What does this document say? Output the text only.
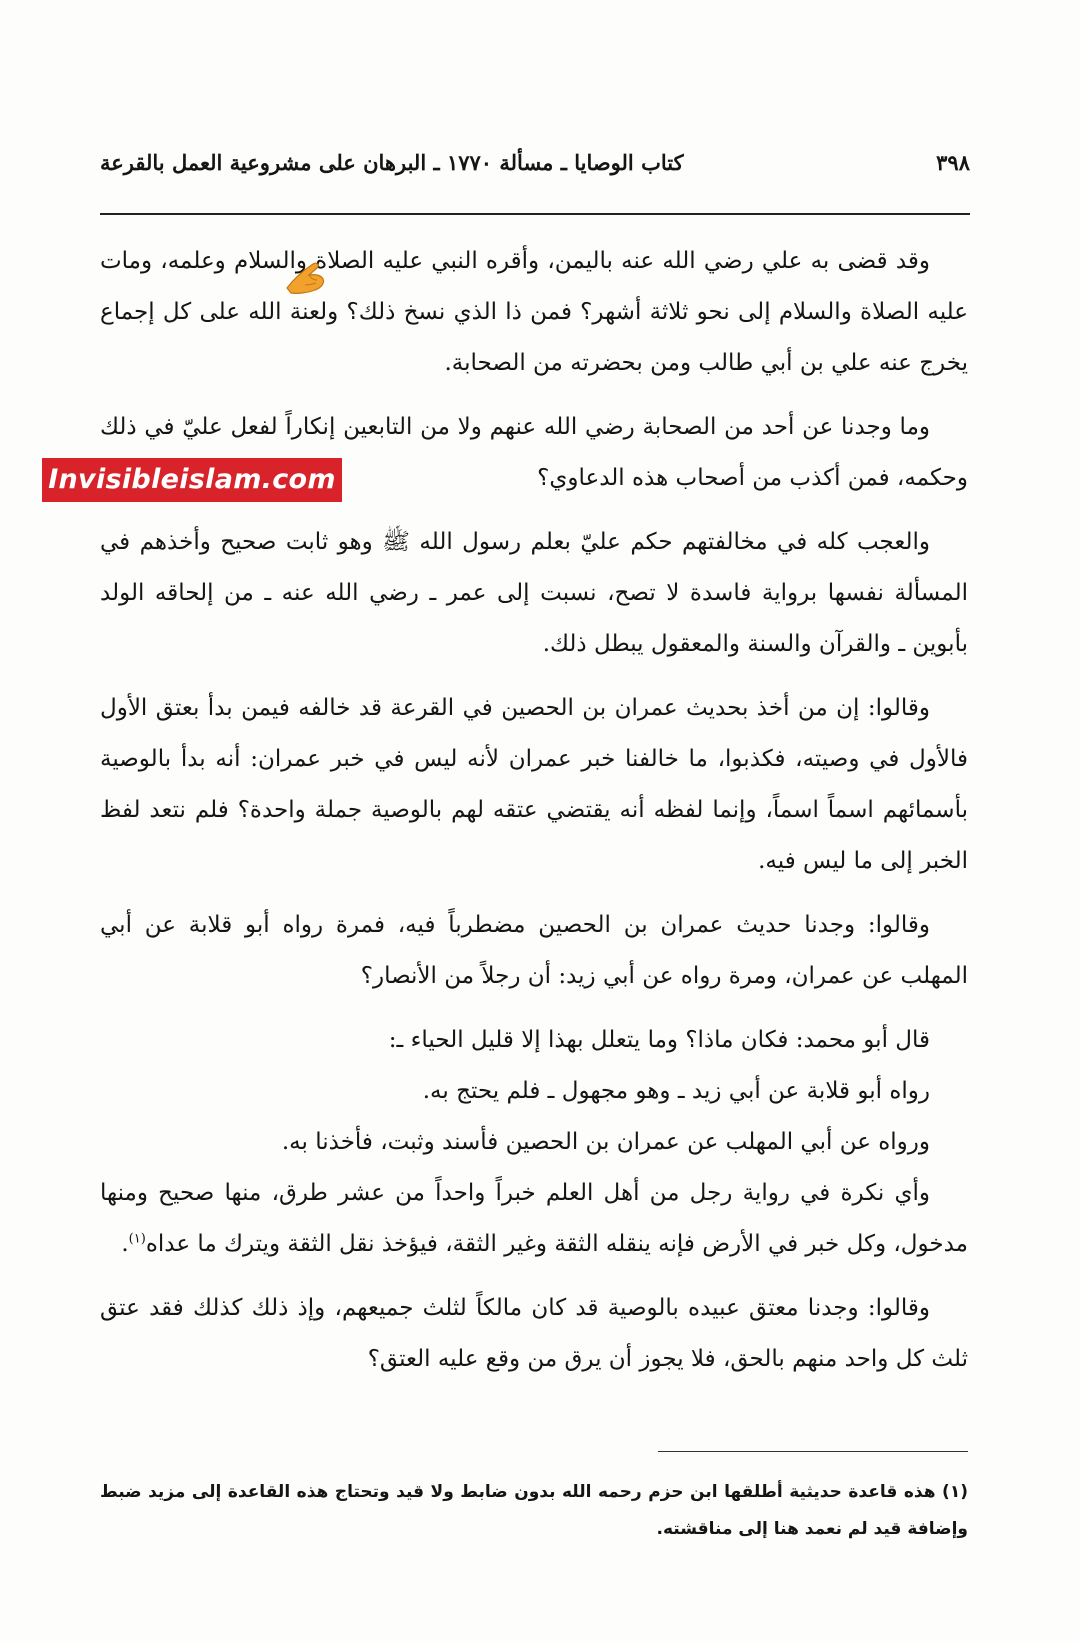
٣٩٨
كتاب الوصايا ـ مسألة ١٧٧٠ ـ البرهان على مشروعية العمل بالقرعة

وقد قضى به علي رضي الله عنه باليمن، وأقره النبي عليه الصلاة والسلام وعلمه، ومات عليه الصلاة والسلام إلى نحو ثلاثة أشهر؟ فمن ذا الذي نسخ ذلك؟ ولعنة الله على كل إجماع يخرج عنه علي بن أبي طالب ومن بحضرته من الصحابة.

وما وجدنا عن أحد من الصحابة رضي الله عنهم ولا من التابعين إنكاراً لفعل عليّ في ذلك وحكمه، فمن أكذب من أصحاب هذه الدعاوي؟

والعجب كله في مخالفتهم حكم عليّ بعلم رسول الله ﷺ وهو ثابت صحيح وأخذهم في المسألة نفسها برواية فاسدة لا تصح، نسبت إلى عمر ـ رضي الله عنه ـ من إلحاقه الولد بأبوين ـ والقرآن والسنة والمعقول يبطل ذلك.

وقالوا: إن من أخذ بحديث عمران بن الحصين في القرعة قد خالفه فيمن بدأ بعتق الأول فالأول في وصيته، فكذبوا، ما خالفنا خبر عمران لأنه ليس في خبر عمران: أنه بدأ بالوصية بأسمائهم اسماً اسماً، وإنما لفظه أنه يقتضي عتقه لهم بالوصية جملة واحدة؟ فلم نتعد لفظ الخبر إلى ما ليس فيه.

وقالوا: وجدنا حديث عمران بن الحصين مضطرباً فيه، فمرة رواه أبو قلابة عن أبي المهلب عن عمران، ومرة رواه عن أبي زيد: أن رجلاً من الأنصار؟

قال أبو محمد: فكان ماذا؟ وما يتعلل بهذا إلا قليل الحياء ـ:

رواه أبو قلابة عن أبي زيد ـ وهو مجهول ـ فلم يحتج به.

ورواه عن أبي المهلب عن عمران بن الحصين فأسند وثبت، فأخذنا به.

وأي نكرة في رواية رجل من أهل العلم خبراً واحداً من عشر طرق، منها صحيح ومنها مدخول، وكل خبر في الأرض فإنه ينقله الثقة وغير الثقة، فيؤخذ نقل الثقة ويترك ما عداه$^{(١)}$.

وقالوا: وجدنا معتق عبيده بالوصية قد كان مالكاً لثلث جميعهم، وإذ ذلك كذلك فقد عتق ثلث كل واحد منهم بالحق، فلا يجوز أن يرق من وقع عليه العتق؟

Invisibleislam.com

(١) هذه قاعدة حديثية أطلقها ابن حزم رحمه الله بدون ضابط ولا قيد وتحتاج هذه القاعدة إلى مزيد ضبط وإضافة قيد لم نعمد هنا إلى مناقشته.
